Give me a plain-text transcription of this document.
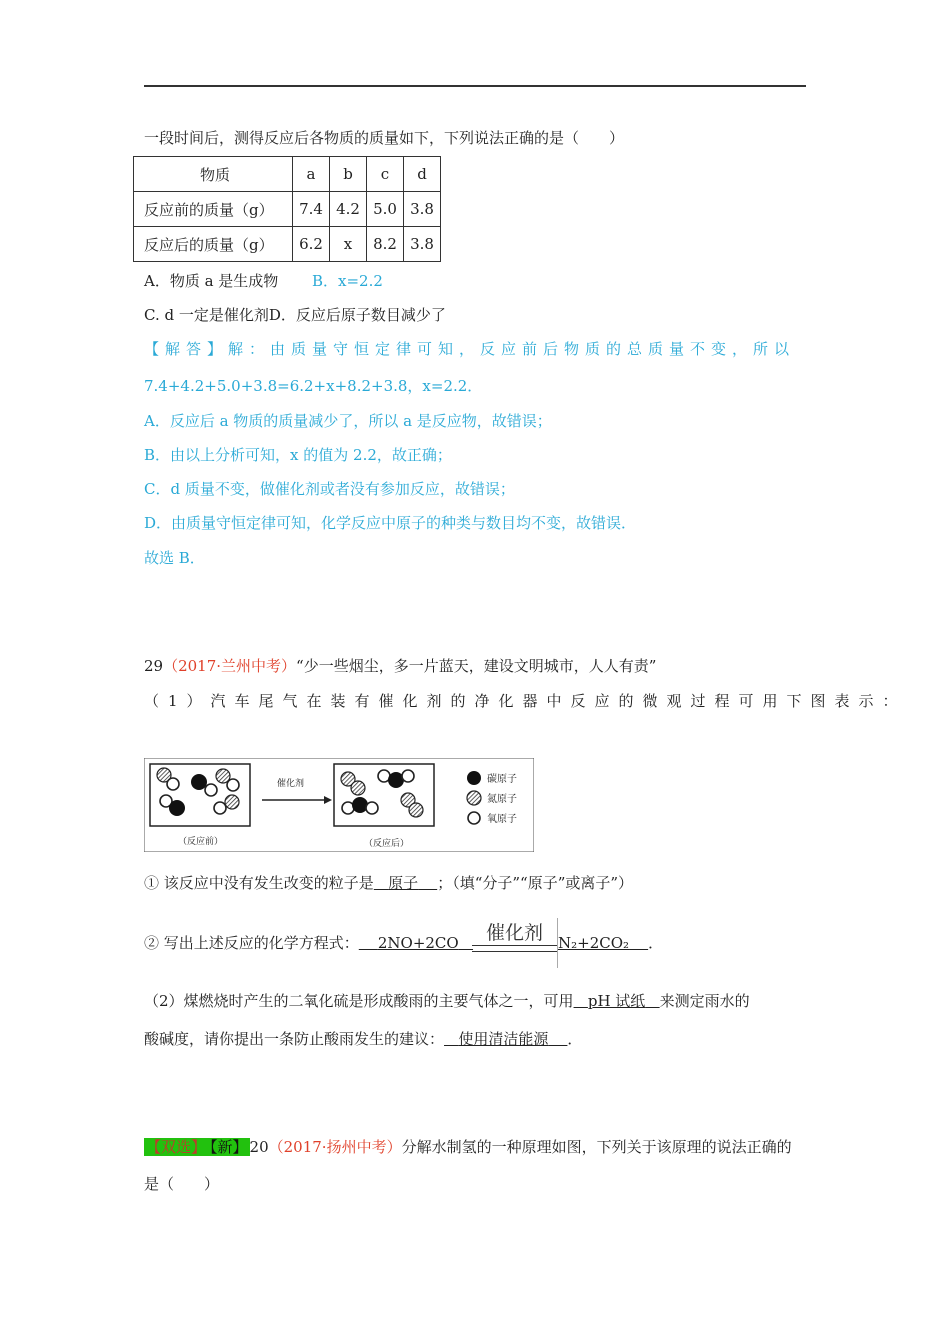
一段时间后，测得反应后各物质的质量如下，下列说法正确的是（　　）
物质	a	b	c	d
反应前的质量（g）	7.4	4.2	5.0	3.8
反应后的质量（g）	6.2	x	8.2	3.8
A．物质 a 是生成物 B．x=2.2
C. d 一定是催化剂D．反应后原子数目减少了
【解答】解：由质量守恒定律可知，反应前后物质的总质量不变，所以
7.4+4.2+5.0+3.8=6.2+x+8.2+3.8，x=2.2．
A．反应后 a 物质的质量减少了，所以 a 是反应物，故错误；
B．由以上分析可知，x 的值为 2.2，故正确；
C．d 质量不变，做催化剂或者没有参加反应，故错误；
D．由质量守恒定律可知，化学反应中原子的种类与数目均不变，故错误．
故选 B．
29（2017·兰州中考）“少一些烟尘，多一片蓝天，建设文明城市，人人有责”
（1）汽车尾气在装有催化剂的净化器中反应的微观过程可用下图表示：
催化剂
（反应前）	（反应后）
碳原子
氮原子
氧原子
① 该反应中没有发生改变的粒子是 原子 ；（填“分子”“原子”或离子”）
② 写出上述反应的化学方程式： 2NO+2CO	催化剂 N₂+2CO₂ ．
（2）煤燃烧时产生的二氧化硫是形成酸雨的主要气体之一，可用 pH 试纸 来测定雨水的
酸碱度，请你提出一条防止酸雨发生的建议： 使用清洁能源 ．
【双选】 【新】 20（2017·扬州中考）分解水制氢的一种原理如图，下列关于该原理的说法正确的
是（　　）
